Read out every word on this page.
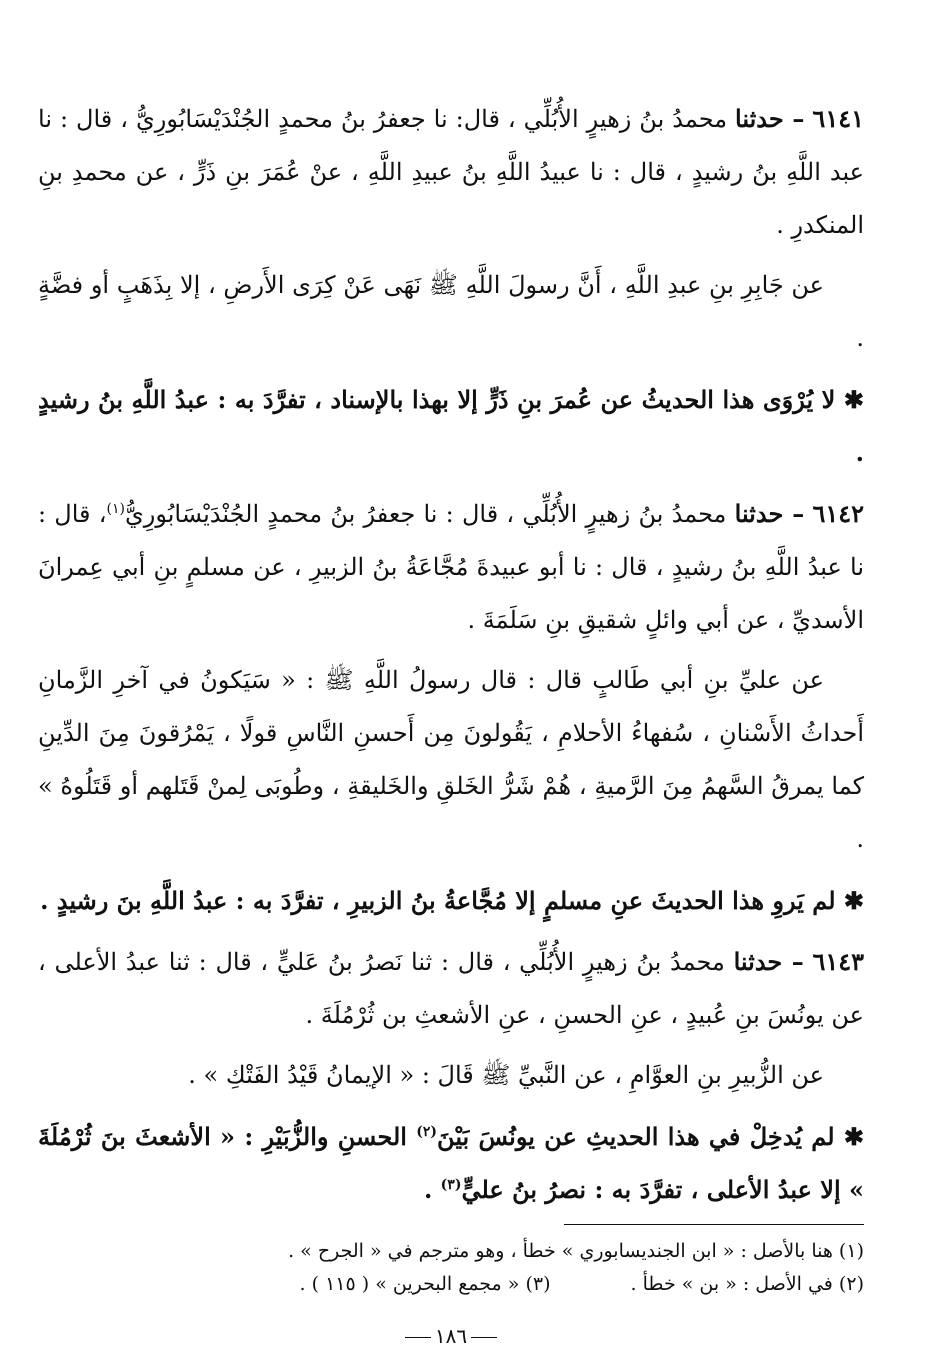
٦١٤١ – حدثنا محمدُ بنُ زهيرٍ الأُبُلِّي ، قال: نا جعفرُ بنُ محمدٍ الجُنْدَيْسَابُورِيُّ ، قال : نا عبد اللَّهِ بنُ رشيدٍ ، قال : نا عبيدُ اللَّهِ بنُ عبيدِ اللَّهِ ، عنْ عُمَرَ بنِ ذَرٍّ ، عن محمدِ بنِ المنكدرِ .

عن جَابِرِ بنِ عبدِ اللَّهِ ، أَنَّ رسولَ اللَّهِ ﷺ نَهَى عَنْ كِرَى الأَرضِ ، إلا بِذَهَبٍ أو فضَّةٍ .

✱ لا يُرْوَى هذا الحديثُ عن عُمرَ بنِ ذَرٍّ إلا بهذا بالإسناد ، تفرَّدَ به : عبدُ اللَّهِ بنُ رشيدٍ .

٦١٤٢ – حدثنا محمدُ بنُ زهيرٍ الأُبُلِّي ، قال : نا جعفرُ بنُ محمدٍ الجُنْدَيْسَابُورِيُّ$^{(١)}$، قال : نا عبدُ اللَّهِ بنُ رشيدٍ ، قال : نا أبو عبيدةَ مُجَّاعَةُ بنُ الزبيرِ ، عن مسلمٍ بنِ أبي عِمرانَ الأسديِّ ، عن أبي وائلٍ شقيقِ بنِ سَلَمَةَ .

عن عليِّ بنِ أبي طَالبٍ قال : قال رسولُ اللَّهِ ﷺ : « سَيَكونُ في آخرِ الزَّمانِ أَحداثُ الأَسْنانِ ، سُفهاءُ الأحلامِ ، يَقُولونَ مِن أَحسنِ النَّاسِ قولًا ، يَمْرُقونَ مِنَ الدِّينِ كما يمرقُ السَّهمُ مِنَ الرَّميةِ ، هُمْ شَرُّ الخَلقِ والخَليقةِ ، وطُوبَى لِمنْ قَتَلهم أو قَتَلُوهُ » .

✱ لم يَروِ هذا الحديثَ عنِ مسلمٍ إلا مُجَّاعةُ بنُ الزبيرِ ، تفرَّدَ به : عبدُ اللَّهِ بنَ رشيدٍ .

٦١٤٣ – حدثنا محمدُ بنُ زهيرٍ الأُبُلِّي ، قال : ثنا نَصرُ بنُ عَليٍّ ، قال : ثنا عبدُ الأعلى ، عن يونُسَ بنِ عُبيدٍ ، عنِ الحسنِ ، عنِ الأشعثِ بن ثُرْمُلَةَ .

عن الزُّبيرِ بنِ العوَّامِ ، عن النَّبيِّ ﷺ قَالَ : « الإيمانُ قَيْدُ الفَتْكِ » .

✱ لم يُدخِلْ في هذا الحديثِ عن يونُسَ بَيْنَ$^{(٢)}$ الحسنِ والزُّبَيْرِ : « الأشعثَ بنَ ثُرْمُلَةَ » إلا عبدُ الأعلى ، تفرَّدَ به : نصرُ بنُ عليٍّ$^{(٣)}$ .

(١) هنا بالأصل : « ابن الجنديسابوري » خطأ ، وهو مترجم في « الجرح » .
(٢) في الأصل : « بن » خطأ .(٣) « مجمع البحرين » ( ١١٥ ) .
١٨٦
